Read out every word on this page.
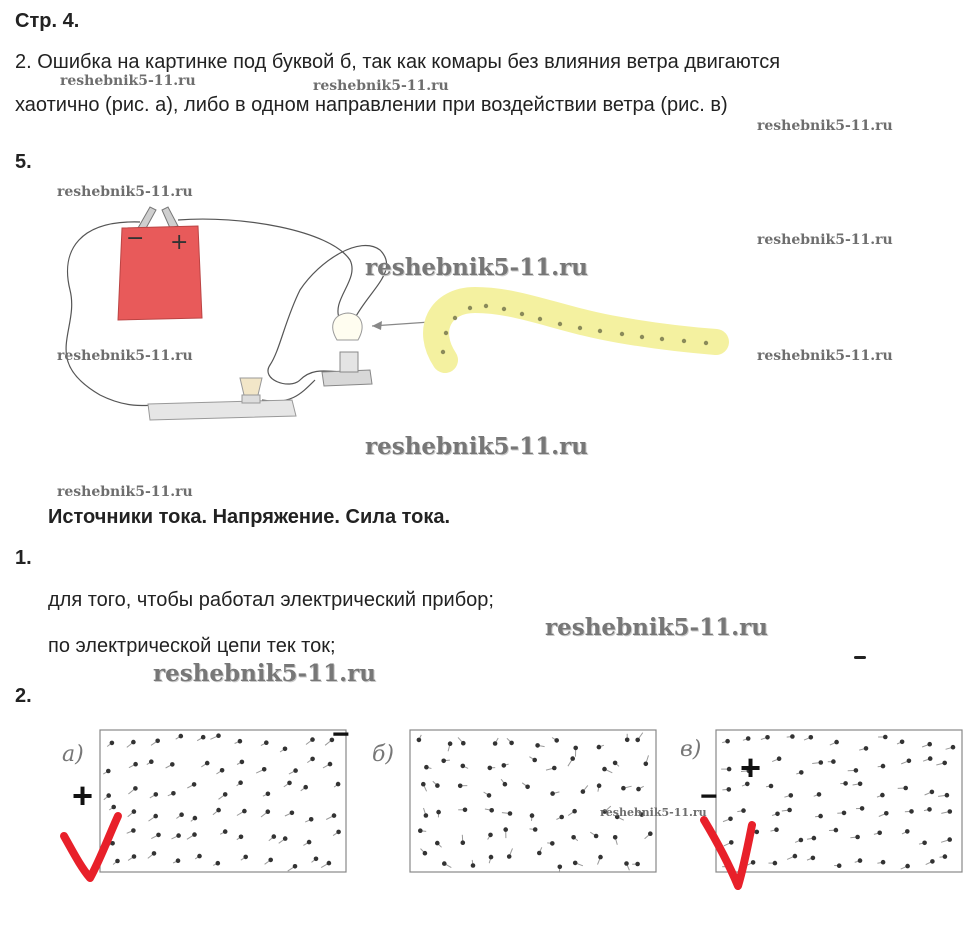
Стр. 4.
2. Ошибка на картинке под буквой б, так как комары без влияния ветра двигаются
хаотично (рис. а), либо в одном направлении при воздействии ветра (рис. в)
reshebnik5-11.ru	reshebnik5-11.ru
reshebnik5-11.ru
5.
− +
reshebnik5-11.ru
reshebnik5-11.ru
reshebnik5-11.ru
reshebnik5-11.ru	reshebnik5-11.ru
reshebnik5-11.ru
reshebnik5-11.ru
Источники тока. Напряжение. Сила тока.
1.
для того, чтобы работал электрический прибор;
reshebnik5-11.ru
по электрической цепи тек ток;
reshebnik5-11.ru
2.
а)	б)	в)
+
−
+
−
reshebnik5-11.ru
